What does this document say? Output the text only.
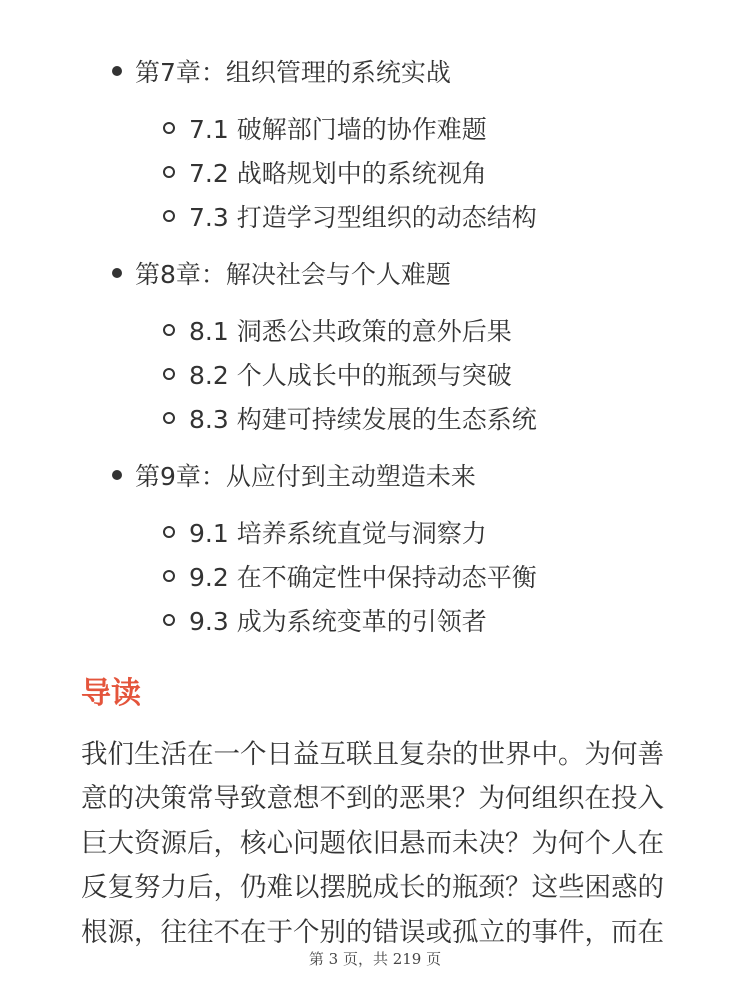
第7章：组织管理的系统实战
7.1 破解部门墙的协作难题
7.2 战略规划中的系统视角
7.3 打造学习型组织的动态结构
第8章：解决社会与个人难题
8.1 洞悉公共政策的意外后果
8.2 个人成长中的瓶颈与突破
8.3 构建可持续发展的生态系统
第9章：从应付到主动塑造未来
9.1 培养系统直觉与洞察力
9.2 在不确定性中保持动态平衡
9.3 成为系统变革的引领者
导读
我们生活在一个日益互联且复杂的世界中。为何善
意的决策常导致意想不到的恶果？为何组织在投入
巨大资源后，核心问题依旧悬而未决？为何个人在
反复努力后，仍难以摆脱成长的瓶颈？这些困惑的
根源，往往不在于个别的错误或孤立的事件，而在
第 3 页，共 219 页
